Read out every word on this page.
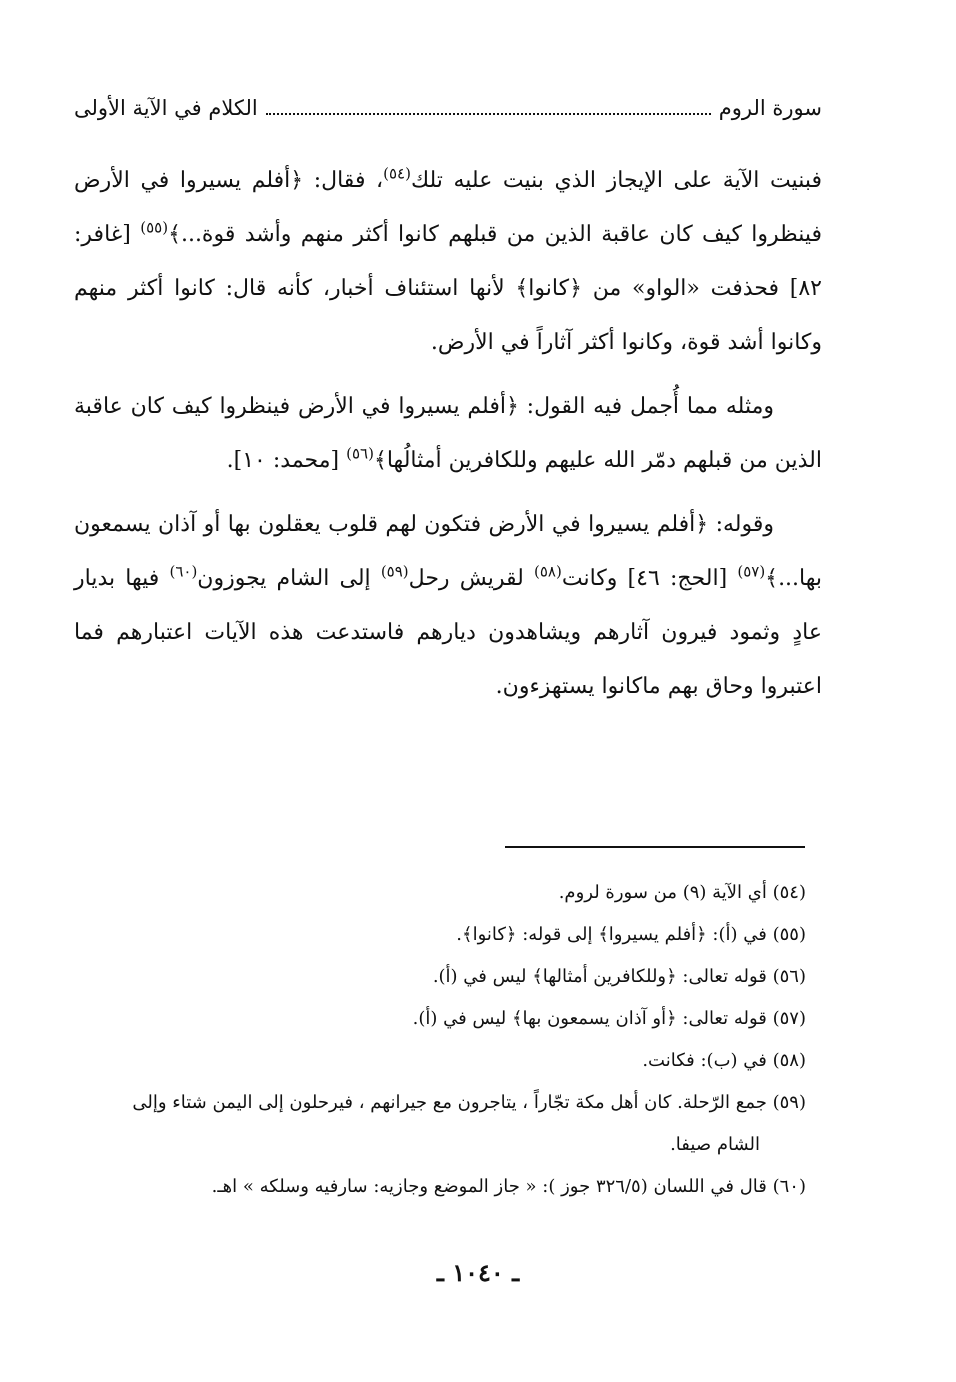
سورة الروم
الكلام في الآية الأولى

فبنيت الآية على الإيجاز الذي بنيت عليه تلك$^{(٥٤)}$، فقال: ﴿أفلم يسيروا في الأرض فينظروا كيف كان عاقبة الذين من قبلهم كانوا أكثر منهم وأشد قوة...﴾$^{(٥٥)}$ [غافر: ٨٢] فحذفت «الواو» من ﴿كانوا﴾ لأنها استئناف أخبار، كأنه قال: كانوا أكثر منهم وكانوا أشد قوة، وكانوا أكثر آثاراً في الأرض.

ومثله مما أُجمل فيه القول: ﴿أفلم يسيروا في الأرض فينظروا كيف كان عاقبة الذين من قبلهم دمّر الله عليهم وللكافرين أمثالُها﴾$^{(٥٦)}$ [محمد: ١٠].

وقوله: ﴿أفلم يسيروا في الأرض فتكون لهم قلوب يعقلون بها أو آذان يسمعون بها...﴾$^{(٥٧)}$ [الحج: ٤٦] وكانت$^{(٥٨)}$ لقريش رحل$^{(٥٩)}$ إلى الشام يجوزون$^{(٦٠)}$ فيها بديار عادٍ وثمود فيرون آثارهم ويشاهدون ديارهم فاستدعت هذه الآيات اعتبارهم فما اعتبروا وحاق بهم ماكانوا يستهزءون.

(٥٤) أي الآية (٩) من سورة لروم.

(٥٥) في (أ): ﴿أفلم يسيروا﴾ إلى قوله: ﴿كانوا﴾.

(٥٦) قوله تعالى: ﴿وللكافرين أمثالها﴾ ليس في (أ).

(٥٧) قوله تعالى: ﴿أو آذان يسمعون بها﴾ ليس في (أ).

(٥٨) في (ب): فكانت.

(٥٩) جمع الرّحلة. كان أهل مكة تجّاراً ، يتاجرون مع جيرانهم ، فيرحلون إلى اليمن شتاء وإلى

الشام صيفا.

(٦٠) قال في اللسان (٣٢٦/٥ جوز ): « جاز الموضع وجازيه: سارفيه وسلكه » اهـ.

ـ ١٠٤٠ ـ
